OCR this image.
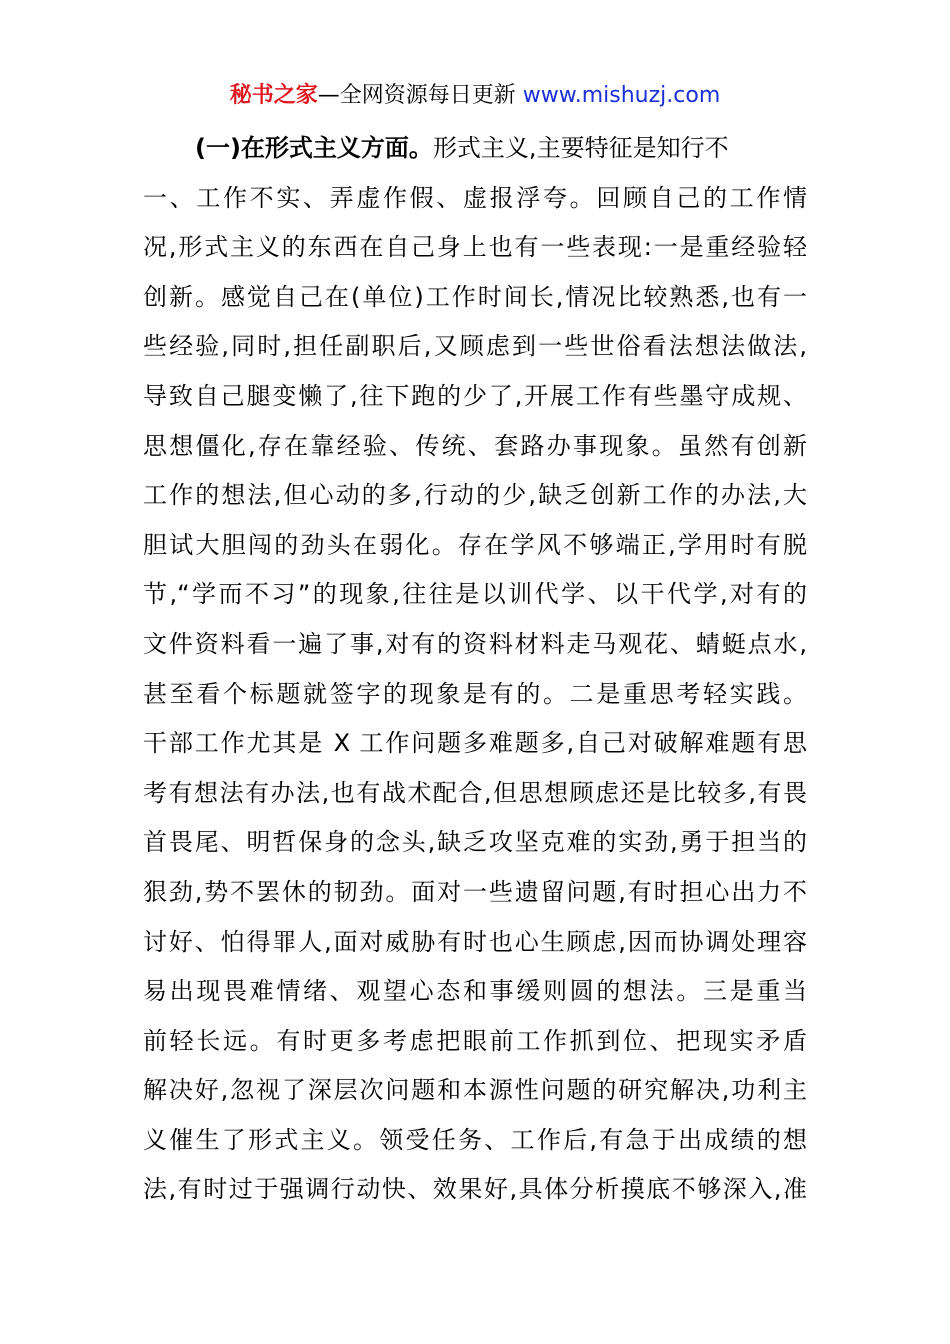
秘书之家—全网资源每日更新 www.mishuzj.com
(一)在形式主义方面。形式主义,主要特征是知行不
一、工作不实、弄虚作假、虚报浮夸。回顾自己的工作情
况,形式主义的东西在自己身上也有一些表现:一是重经验轻
创新。感觉自己在(单位)工作时间长,情况比较熟悉,也有一
些经验,同时,担任副职后,又顾虑到一些世俗看法想法做法,
导致自己腿变懒了,往下跑的少了,开展工作有些墨守成规、
思想僵化,存在靠经验、传统、套路办事现象。虽然有创新
工作的想法,但心动的多,行动的少,缺乏创新工作的办法,大
胆试大胆闯的劲头在弱化。存在学风不够端正,学用时有脱
节,“学而不习”的现象,往往是以训代学、以干代学,对有的
文件资料看一遍了事,对有的资料材料走马观花、蜻蜓点水,
甚至看个标题就签字的现象是有的。二是重思考轻实践。
干部工作尤其是 X 工作问题多难题多,自己对破解难题有思
考有想法有办法,也有战术配合,但思想顾虑还是比较多,有畏
首畏尾、明哲保身的念头,缺乏攻坚克难的实劲,勇于担当的
狠劲,势不罢休的韧劲。面对一些遗留问题,有时担心出力不
讨好、怕得罪人,面对威胁有时也心生顾虑,因而协调处理容
易出现畏难情绪、观望心态和事缓则圆的想法。三是重当
前轻长远。有时更多考虑把眼前工作抓到位、把现实矛盾
解决好,忽视了深层次问题和本源性问题的研究解决,功利主
义催生了形式主义。领受任务、工作后,有急于出成绩的想
法,有时过于强调行动快、效果好,具体分析摸底不够深入,准
